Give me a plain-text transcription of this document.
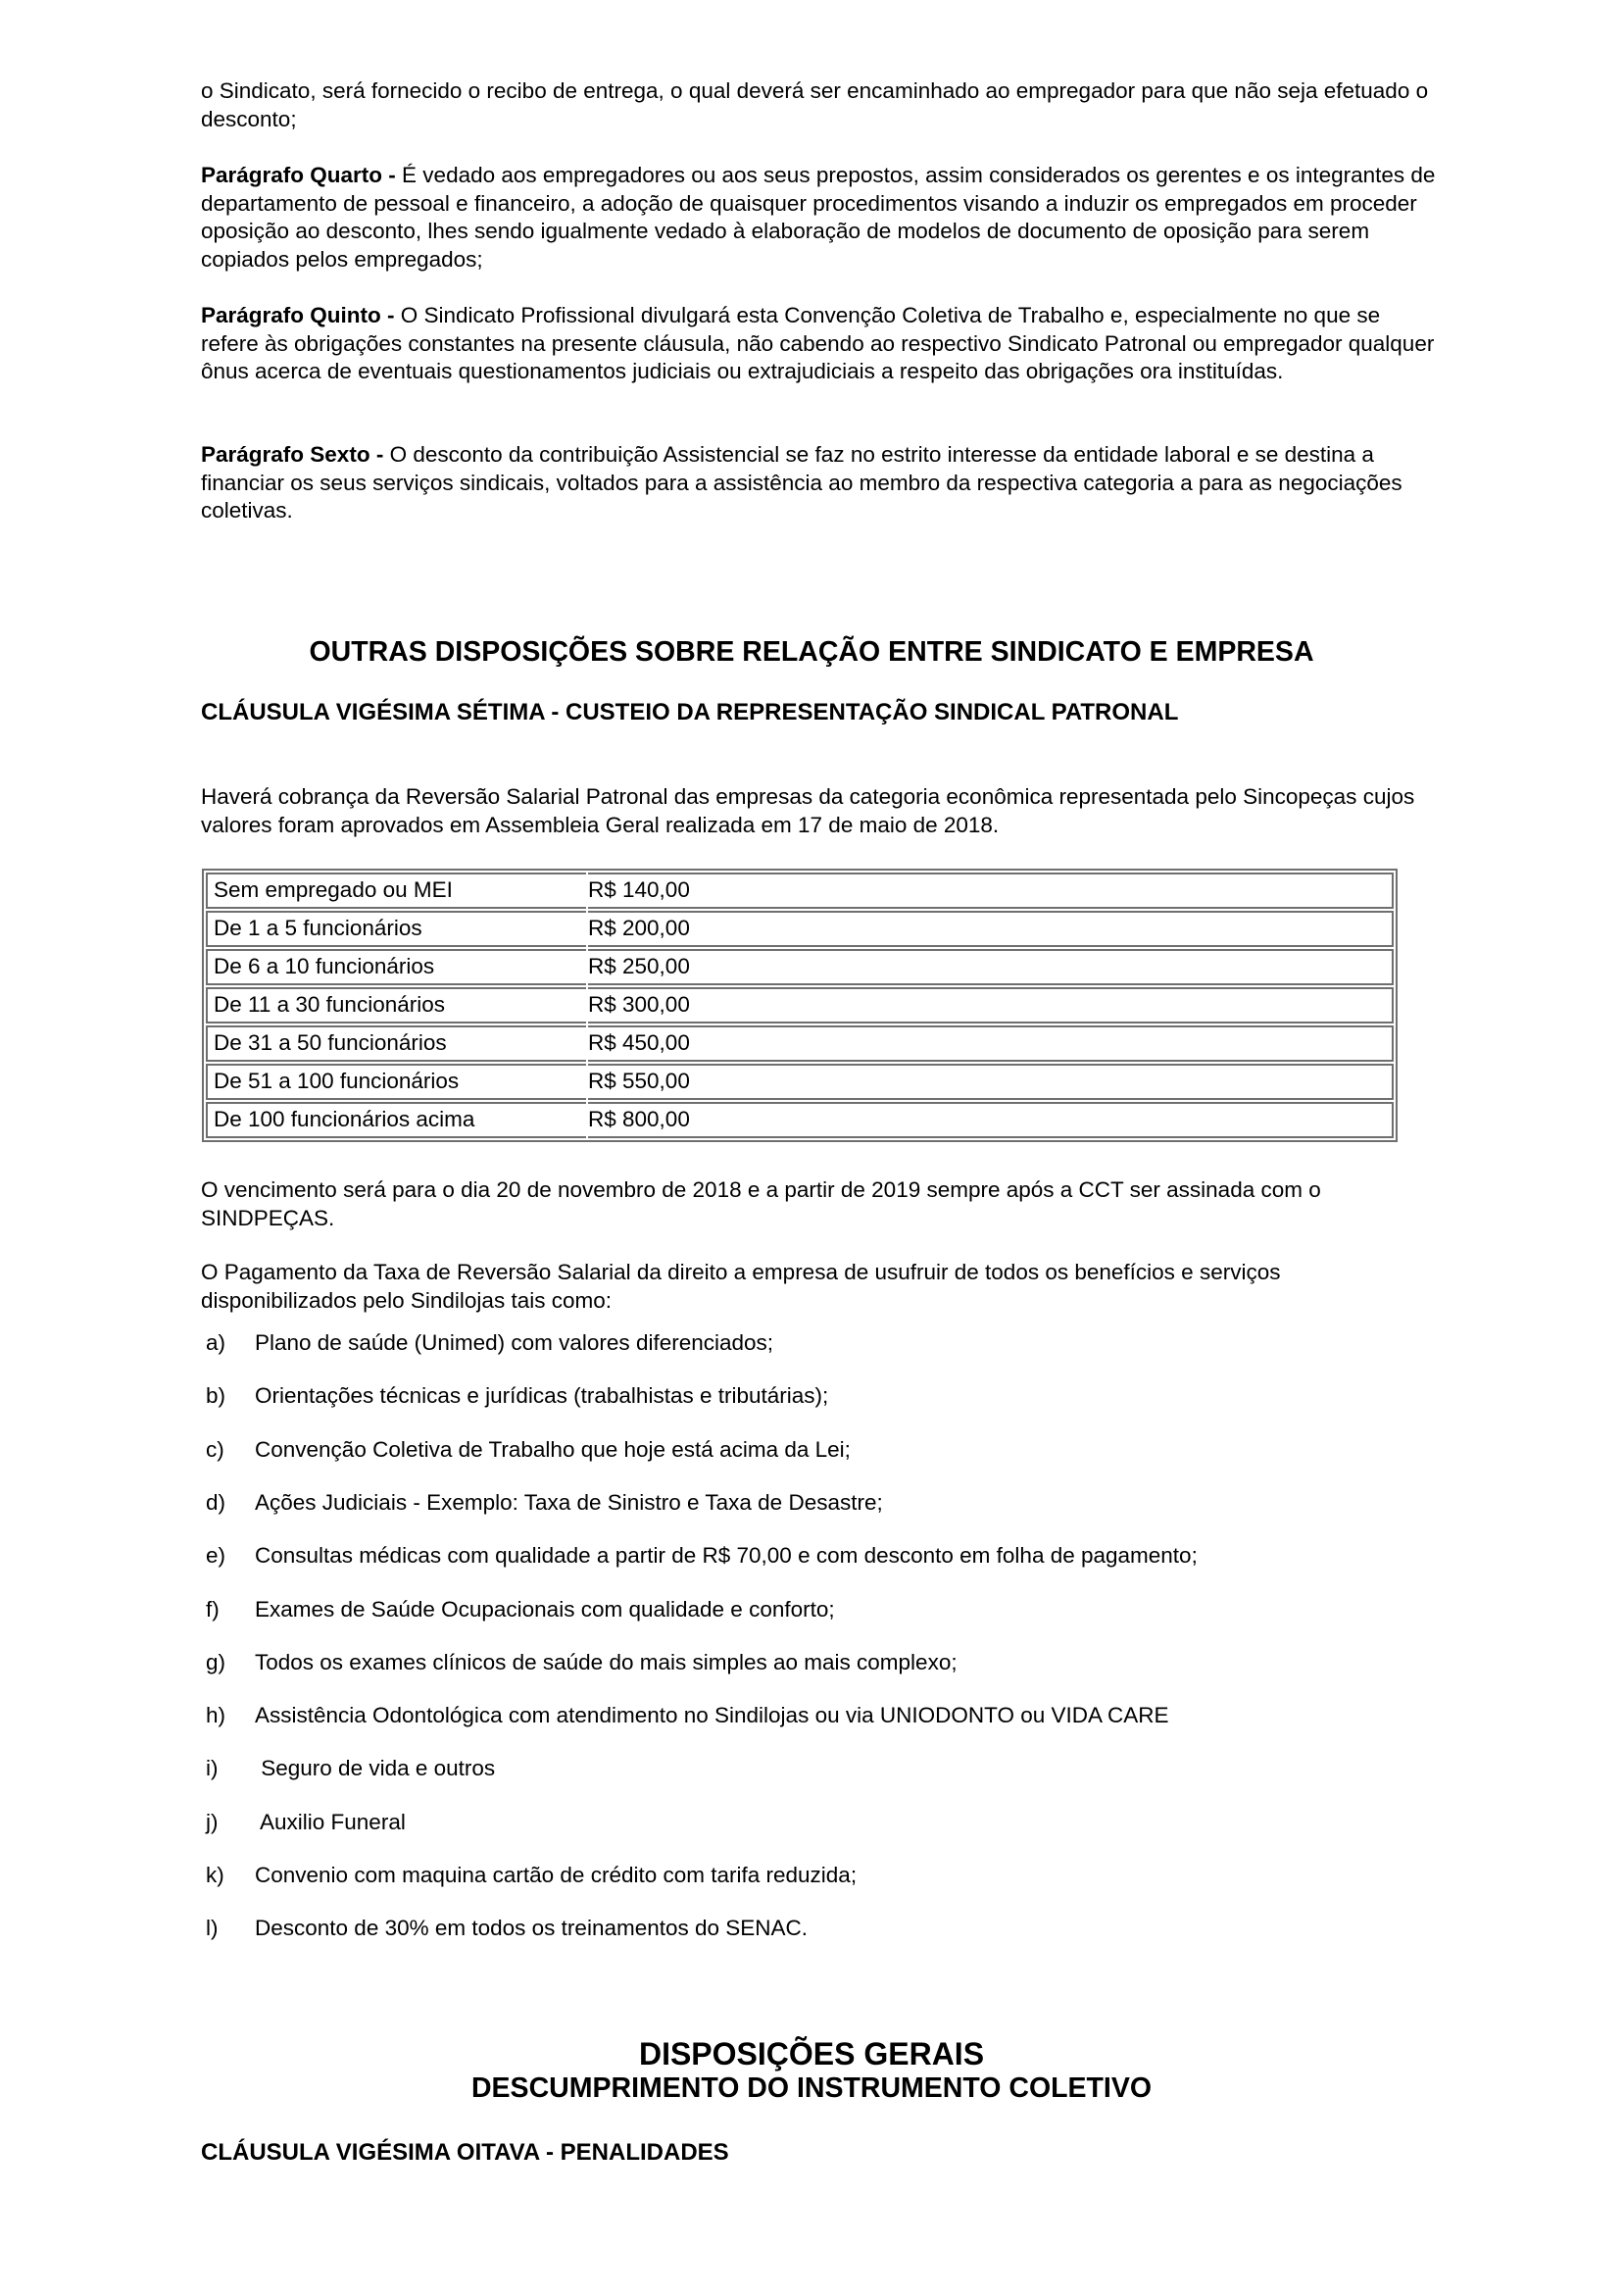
o Sindicato, será fornecido o recibo de entrega, o qual deverá ser encaminhado ao empregador para que não seja efetuado o desconto;

Parágrafo Quarto - É vedado aos empregadores ou aos seus prepostos, assim considerados os gerentes e os integrantes de departamento de pessoal e financeiro, a adoção de quaisquer procedimentos visando a induzir os empregados em proceder oposição ao desconto, lhes sendo igualmente vedado à elaboração de modelos de documento de oposição para serem copiados pelos empregados;

Parágrafo Quinto - O Sindicato Profissional divulgará esta Convenção Coletiva de Trabalho e, especialmente no que se refere às obrigações constantes na presente cláusula, não cabendo ao respectivo Sindicato Patronal ou empregador qualquer ônus acerca de eventuais questionamentos judiciais ou extrajudiciais a respeito das obrigações ora instituídas.

Parágrafo Sexto - O desconto da contribuição Assistencial se faz no estrito interesse da entidade laboral e se destina a financiar os seus serviços sindicais, voltados para a assistência ao membro da respectiva categoria a para as negociações coletivas.

OUTRAS DISPOSIÇÕES SOBRE RELAÇÃO ENTRE SINDICATO E EMPRESA
CLÁUSULA VIGÉSIMA SÉTIMA - CUSTEIO DA REPRESENTAÇÃO SINDICAL PATRONAL

Haverá cobrança da Reversão Salarial Patronal das empresas da categoria econômica representada pelo Sincopeças cujos valores foram aprovados em Assembleia Geral realizada em 17 de maio de 2018.

Sem empregado ou MEI	R$ 140,00
De 1 a 5 funcionários	R$ 200,00
De 6 a 10 funcionários	R$ 250,00
De 11 a 30 funcionários	R$ 300,00
De 31 a 50 funcionários	R$ 450,00
De 51 a 100 funcionários	R$ 550,00
De 100 funcionários acima	R$ 800,00

O vencimento será para o dia 20 de novembro de 2018 e a partir de 2019 sempre após a CCT ser assinada com o SINDPEÇAS.

O Pagamento da Taxa de Reversão Salarial da direito a empresa de usufruir de todos os benefícios e serviços disponibilizados pelo Sindilojas tais como:

a) Plano de saúde (Unimed) com valores diferenciados;
b) Orientações técnicas e jurídicas (trabalhistas e tributárias);
c) Convenção Coletiva de Trabalho que hoje está acima da Lei;
d) Ações Judiciais - Exemplo: Taxa de Sinistro e Taxa de Desastre;
e) Consultas médicas com qualidade a partir de R$ 70,00 e com desconto em folha de pagamento;
f) Exames de Saúde Ocupacionais com qualidade e conforto;
g) Todos os exames clínicos de saúde do mais simples ao mais complexo;
h) Assistência Odontológica com atendimento no Sindilojas ou via UNIODONTO ou VIDA CARE
i) Seguro de vida e outros
j) Auxilio Funeral
k) Convenio com maquina cartão de crédito com tarifa reduzida;
l) Desconto de 30% em todos os treinamentos do SENAC.
DISPOSIÇÕES GERAIS
DESCUMPRIMENTO DO INSTRUMENTO COLETIVO
CLÁUSULA VIGÉSIMA OITAVA - PENALIDADES
